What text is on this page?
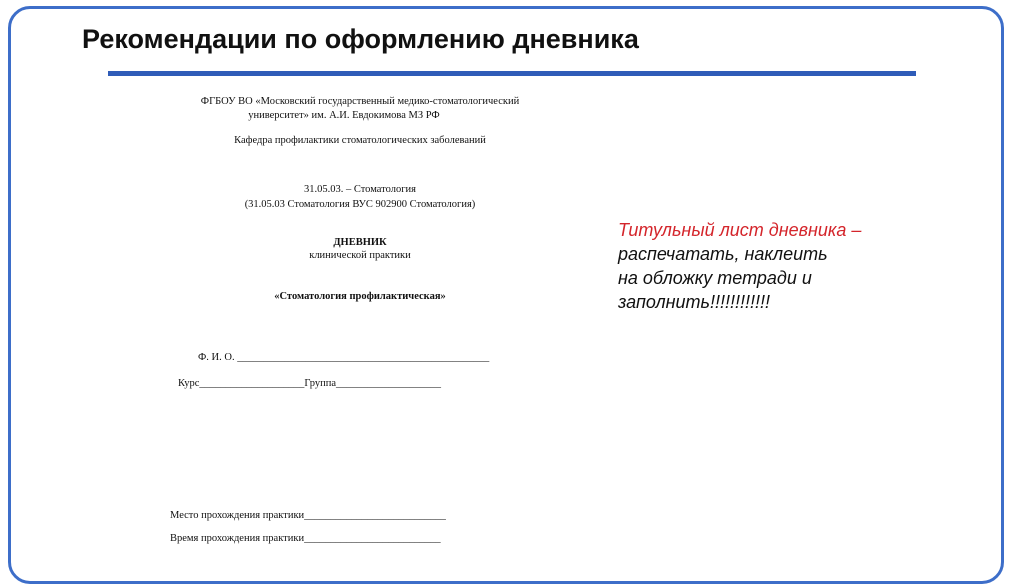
Рекомендации по оформлению дневника
ФГБОУ ВО «Московский государственный медико-стоматологический
университет» им. А.И. Евдокимова МЗ РФ
Кафедра профилактики стоматологических заболеваний
31.05.03. – Стоматология
(31.05.03 Стоматология ВУС 902900 Стоматология)
ДНЕВНИК
клинической практики
«Стоматология профилактическая»
Ф. И. О. ________________________________________________
Курс____________________Группа____________________
Место прохождения практики___________________________
Время прохождения практики__________________________
Титульный лист дневника –
распечатать, наклеить
на обложку тетради и
заполнить!!!!!!!!!!!!
